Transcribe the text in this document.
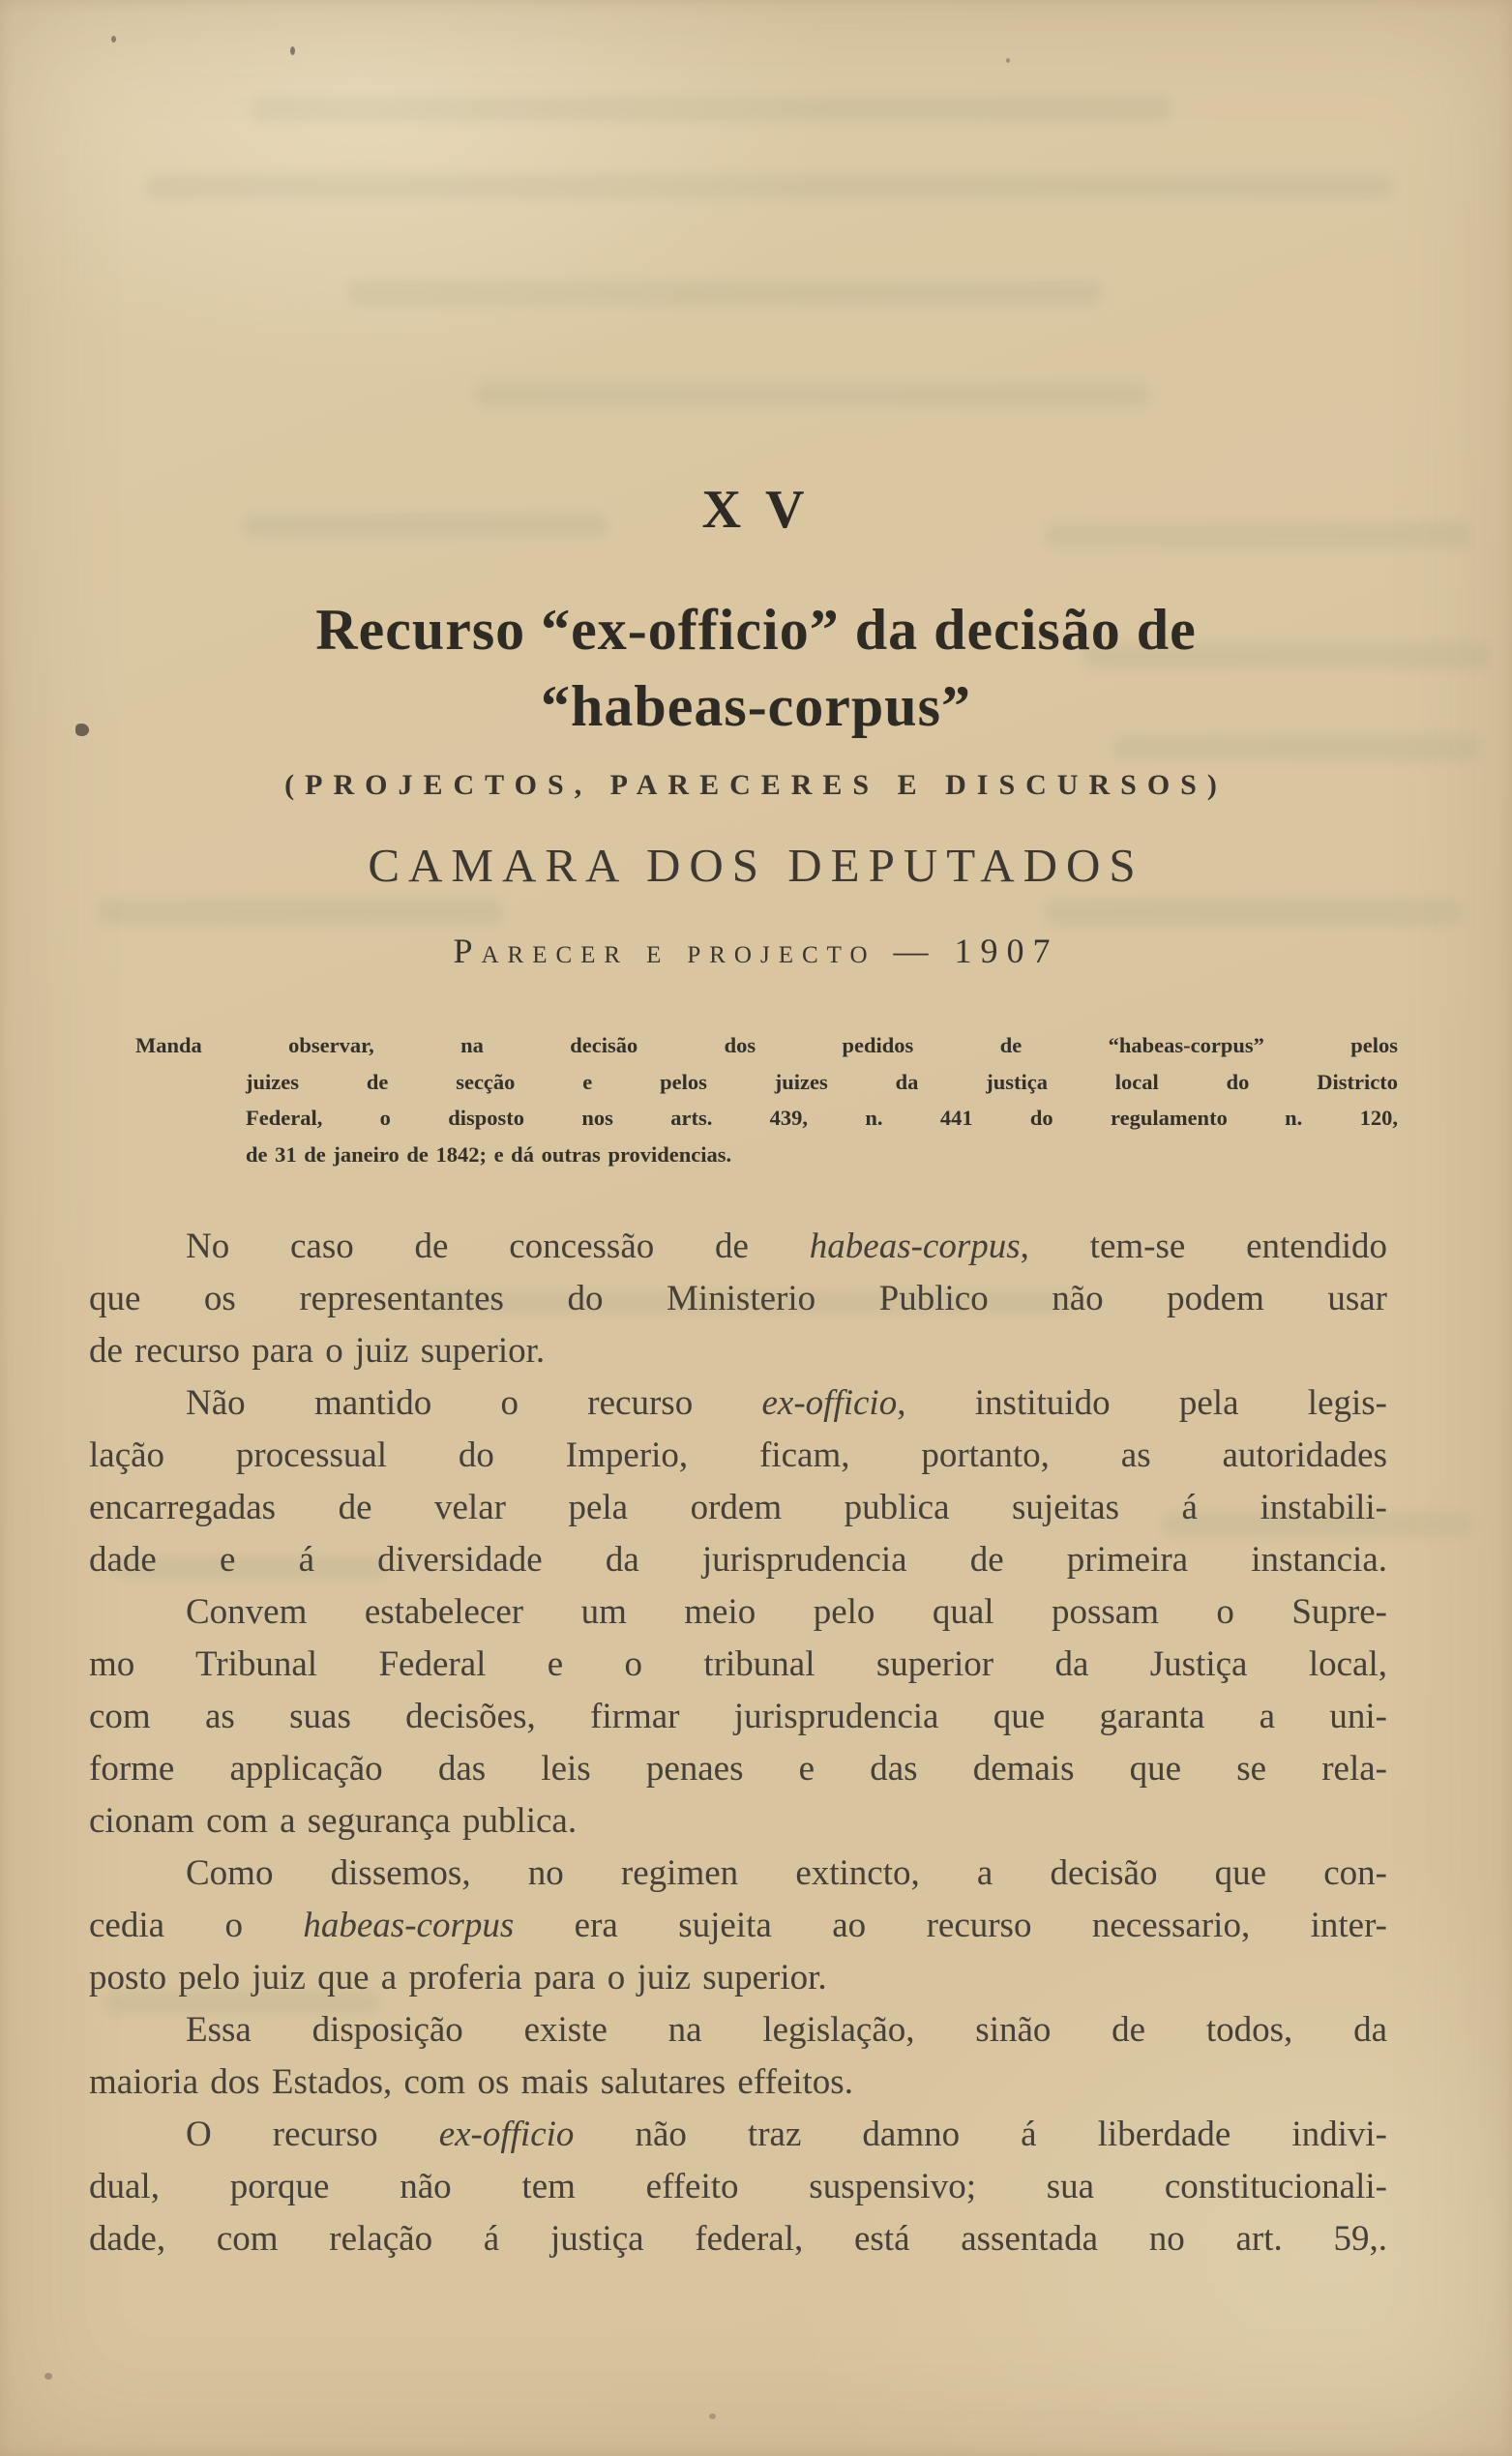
X V
Recurso “ex-officio” da decisão de
“habeas-corpus”
(PROJECTOS, PARECERES E DISCURSOS)
CAMARA DOS DEPUTADOS
Parecer e projecto — 1907
Manda observar, na decisão dos pedidos de “habeas-corpus” pelos
juizes de secção e pelos juizes da justiça local do Districto
Federal, o disposto nos arts. 439, n. 441 do regulamento n. 120,
de 31 de janeiro de 1842; e dá outras providencias.
No caso de concessão de habeas-corpus, tem-se entendido
que os representantes do Ministerio Publico não podem usar
de recurso para o juiz superior.
Não mantido o recurso ex-officio, instituido pela legis-
lação processual do Imperio, ficam, portanto, as autoridades
encarregadas de velar pela ordem publica sujeitas á instabili-
dade e á diversidade da jurisprudencia de primeira instancia.
Convem estabelecer um meio pelo qual possam o Supre-
mo Tribunal Federal e o tribunal superior da Justiça local,
com as suas decisões, firmar jurisprudencia que garanta a uni-
forme applicação das leis penaes e das demais que se rela-
cionam com a segurança publica.
Como dissemos, no regimen extincto, a decisão que con-
cedia o habeas-corpus era sujeita ao recurso necessario, inter-
posto pelo juiz que a proferia para o juiz superior.
Essa disposição existe na legislação, sinão de todos, da
maioria dos Estados, com os mais salutares effeitos.
O recurso ex-officio não traz damno á liberdade indivi-
dual, porque não tem effeito suspensivo; sua constitucionali-
dade, com relação á justiça federal, está assentada no art. 59,.
